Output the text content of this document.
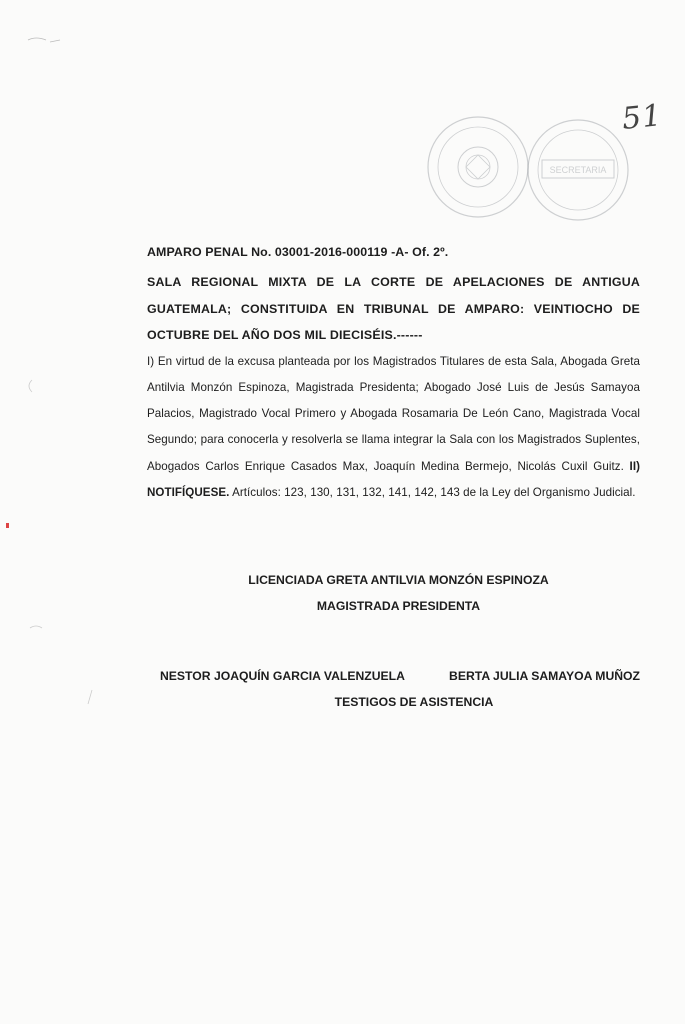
51
SECRETARIA

AMPARO PENAL No. 03001-2016-000119 -A- Of. 2º.

SALA REGIONAL MIXTA DE LA CORTE DE APELACIONES DE ANTIGUA GUATEMALA; CONSTITUIDA EN TRIBUNAL DE AMPARO: VEINTIOCHO DE OCTUBRE DEL AÑO DOS MIL DIECISÉIS.------

I) En virtud de la excusa planteada por los Magistrados Titulares de esta Sala, Abogada Greta Antilvia Monzón Espinoza, Magistrada Presidenta; Abogado José Luis de Jesús Samayoa Palacios, Magistrado Vocal Primero y Abogada Rosamaria De León Cano, Magistrada Vocal Segundo; para conocerla y resolverla se llama integrar la Sala con los Magistrados Suplentes, Abogados Carlos Enrique Casados Max, Joaquín Medina Bermejo, Nicolás Cuxil Guitz. II) NOTIFÍQUESE. Artículos: 123, 130, 131, 132, 141, 142, 143 de la Ley del Organismo Judicial.

LICENCIADA GRETA ANTILVIA MONZÓN ESPINOZA
MAGISTRADA PRESIDENTA
NESTOR JOAQUÍN GARCIA VALENZUELA	BERTA JULIA SAMAYOA MUÑOZ
TESTIGOS DE ASISTENCIA
